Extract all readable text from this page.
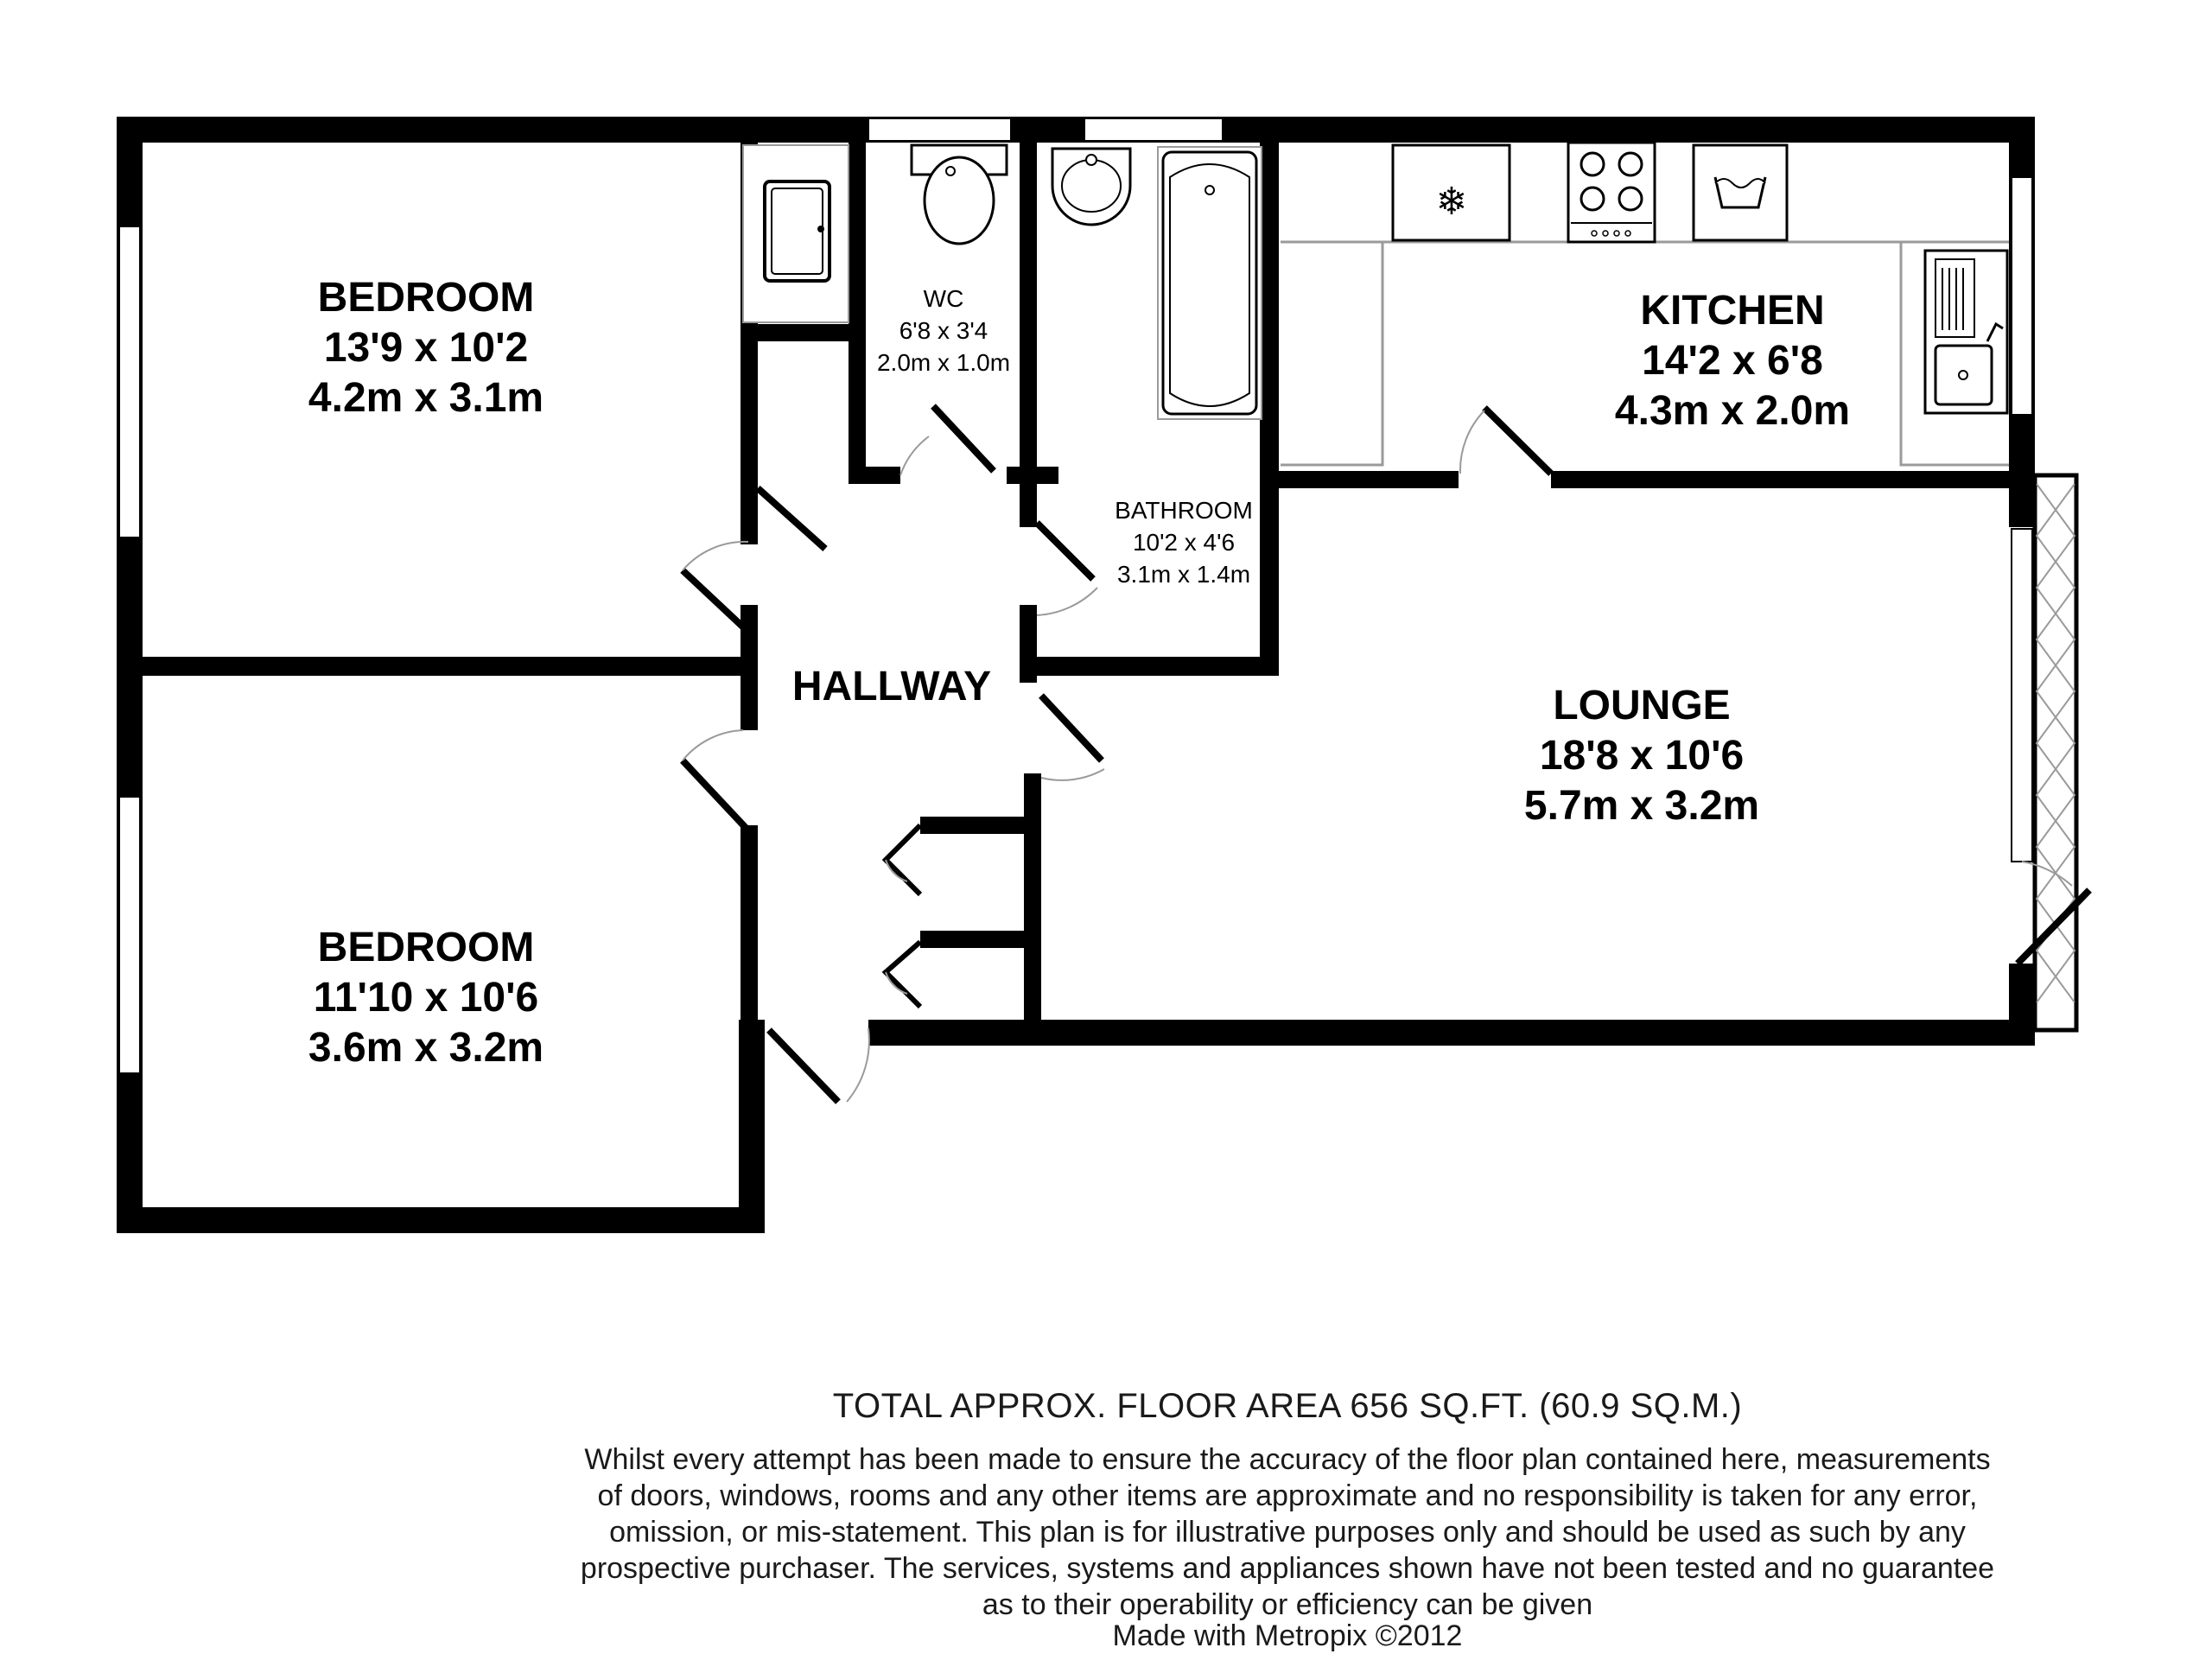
❄
BEDROOM
13'9 x 10'2
4.2m x 3.1m
BEDROOM
11'10 x 10'6
3.6m x 3.2m
WC
6'8 x 3'4
2.0m x 1.0m
BATHROOM
10'2 x 4'6
3.1m x 1.4m
KITCHEN
14'2 x 6'8
4.3m x 2.0m
HALLWAY	LOUNGE
18'8 x 10'6
5.7m x 3.2m
TOTAL APPROX. FLOOR AREA 656 SQ.FT. (60.9 SQ.M.)
Whilst every attempt has been made to ensure the accuracy of the floor plan contained here, measurements
of doors, windows, rooms and any other items are approximate and no responsibility is taken for any error,
omission, or mis-statement. This plan is for illustrative purposes only and should be used as such by any
prospective purchaser. The services, systems and appliances shown have not been tested and no guarantee
as to their operability or efficiency can be given
Made with Metropix ©2012
